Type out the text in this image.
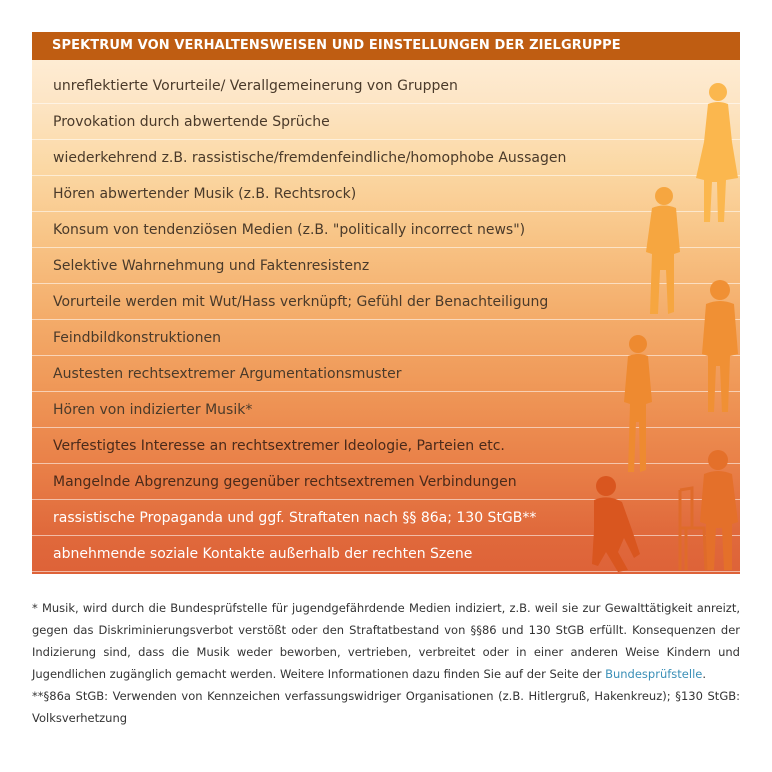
SPEKTRUM VON VERHALTENSWEISEN UND EINSTELLUNGEN DER ZIELGRUPPE
unreflektierte Vorurteile/ Verallgemeinerung von Gruppen
Provokation durch abwertende Sprüche
wiederkehrend z.B. rassistische/fremdenfeindliche/homophobe Aussagen
Hören abwertender Musik (z.B. Rechtsrock)
Konsum von tendenziösen Medien (z.B. "politically incorrect news")
Selektive Wahrnehmung und Faktenresistenz
Vorurteile werden mit Wut/Hass verknüpft; Gefühl der Benachteiligung
Feindbildkonstruktionen
Austesten rechtsextremer Argumentationsmuster
Hören von indizierter Musik*
Verfestigtes Interesse an rechtsextremer Ideologie, Parteien etc.
Mangelnde Abgrenzung gegenüber rechtsextremen Verbindungen
rassistische Propaganda und ggf. Straftaten nach §§ 86a; 130 StGB**
abnehmende soziale Kontakte außerhalb der rechten Szene

* Musik, wird durch die Bundesprüfstelle für jugendgefährdende Medien indiziert, z.B. weil sie zur Gewalttätigkeit anreizt, gegen das Diskriminierungsverbot verstößt oder den Straftatbestand von §§86 und 130 StGB erfüllt. Konsequenzen der Indizierung sind, dass die Musik weder beworben, vertrieben, verbreitet oder in einer anderen Weise Kindern und Jugendlichen zugänglich gemacht werden. Weitere Informationen dazu finden Sie auf der Seite der Bundesprüfstelle.

**§86a StGB: Verwenden von Kennzeichen verfassungswidriger Organisationen (z.B. Hitlergruß, Hakenkreuz); §130 StGB: Volksverhetzung
